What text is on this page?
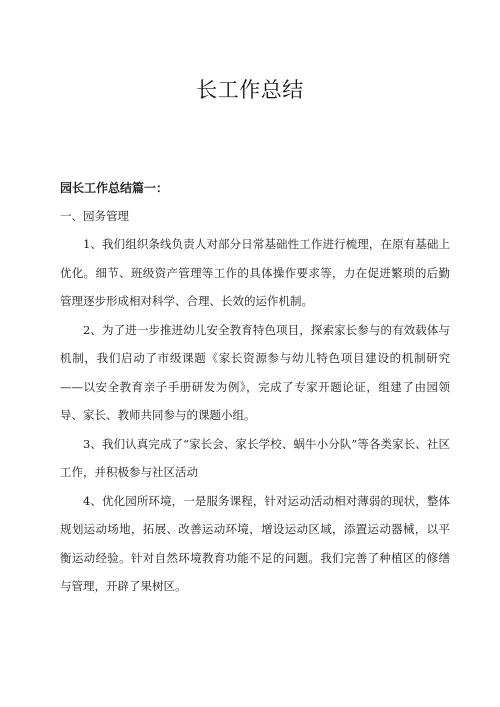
长工作总结

园长工作总结篇一：

一、园务管理

1、我们组织条线负责人对部分日常基础性工作进行梳理，在原有基础上优化。细节、班级资产管理等工作的具体操作要求等，力在促进繁琐的后勤管理逐步形成相对科学、合理、长效的运作机制。

2、为了进一步推进幼儿安全教育特色项目，探索家长参与的有效载体与机制，我们启动了市级课题《家长资源参与幼儿特色项目建设的机制研究——以安全教育亲子手册研发为例》，完成了专家开题论证，组建了由园领导、家长、教师共同参与的课题小组。

3、我们认真完成了“家长会、家长学校、蜗牛小分队”等各类家长、社区工作，并积极参与社区活动

4、优化园所环境，一是服务课程，针对运动活动相对薄弱的现状，整体规划运动场地，拓展、改善运动环境，增设运动区域，添置运动器械，以平衡运动经验。针对自然环境教育功能不足的问题。我们完善了种植区的修缮与管理，开辟了果树区。
